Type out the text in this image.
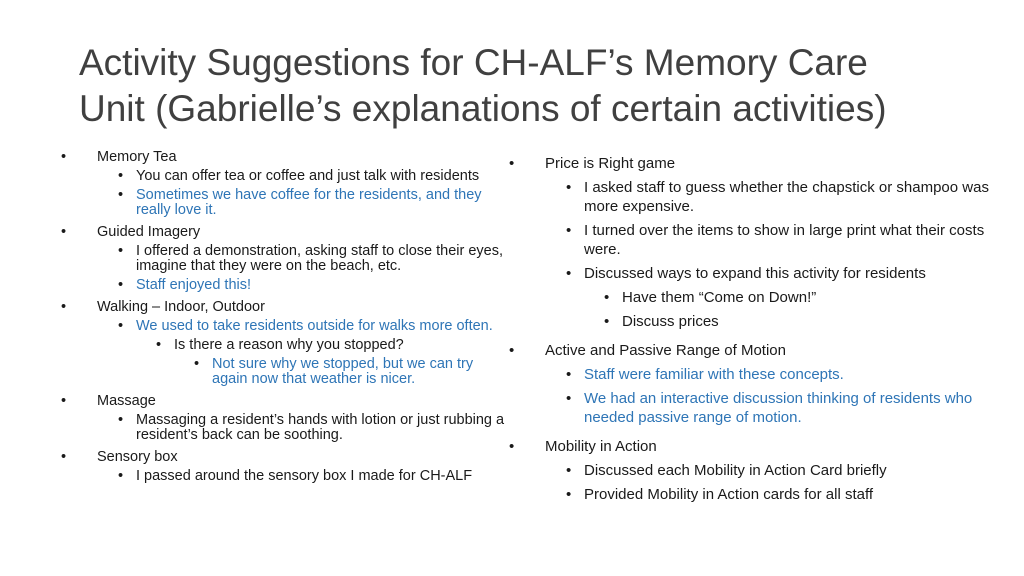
Activity Suggestions for CH-ALF’s Memory Care
Unit (Gabrielle’s explanations of certain activities)
• Memory Tea
• You can offer tea or coffee and just talk with residents
• Sometimes we have coffee for the residents, and they really love it.
• Guided Imagery
• I offered a demonstration, asking staff to close their eyes, imagine that they were on the beach, etc.
• Staff enjoyed this!
• Walking – Indoor, Outdoor
• We used to take residents outside for walks more often.
• Is there a reason why you stopped?
• Not sure why we stopped, but we can try again now that weather is nicer.
• Massage
• Massaging a resident’s hands with lotion or just rubbing a resident’s back can be soothing.
• Sensory box
• I passed around the sensory box I made for CH-ALF
• Price is Right game
• I asked staff to guess whether the chapstick or shampoo was more expensive.
• I turned over the items to show in large print what their costs were.
• Discussed ways to expand this activity for residents
• Have them “Come on Down!”
• Discuss prices
• Active and Passive Range of Motion
• Staff were familiar with these concepts.
• We had an interactive discussion thinking of residents who needed passive range of motion.
• Mobility in Action
• Discussed each Mobility in Action Card briefly
• Provided Mobility in Action cards for all staff
